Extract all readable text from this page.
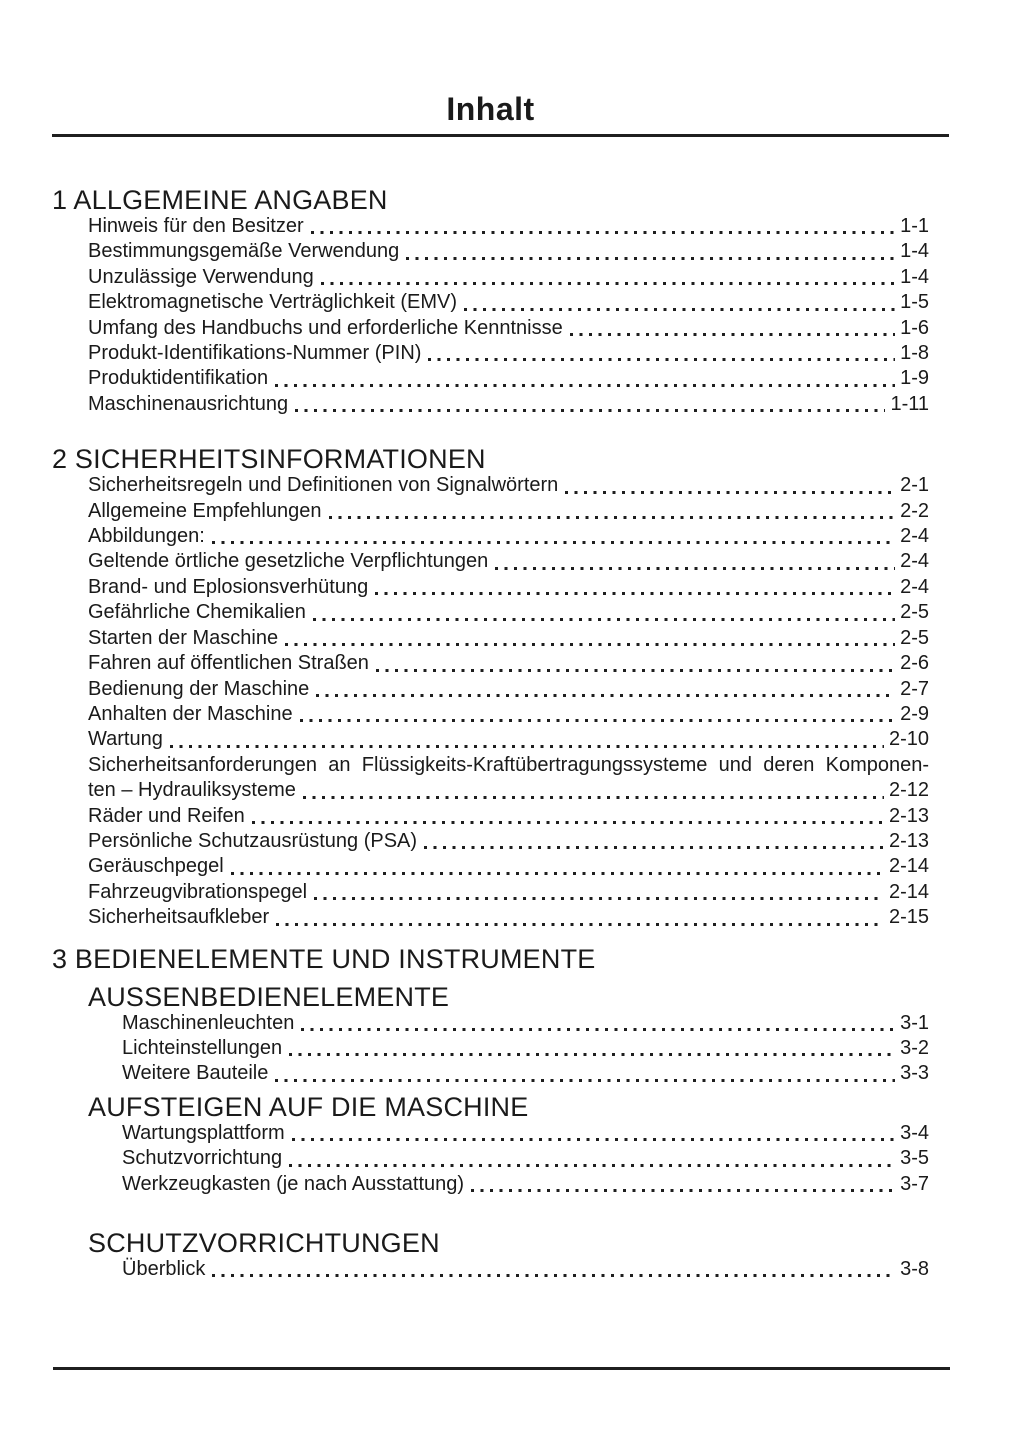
Inhalt
1 ALLGEMEINE ANGABEN
Hinweis für den Besitzer	1-1
Bestimmungsgemäße Verwendung	1-4
Unzulässige Verwendung	1-4
Elektromagnetische Verträglichkeit (EMV)	1-5
Umfang des Handbuchs und erforderliche Kenntnisse	1-6
Produkt-Identifikations-Nummer (PIN)	1-8
Produktidentifikation	1-9
Maschinenausrichtung	1-11
2 SICHERHEITSINFORMATIONEN
Sicherheitsregeln und Definitionen von Signalwörtern	2-1
Allgemeine Empfehlungen	2-2
Abbildungen:	2-4
Geltende örtliche gesetzliche Verpflichtungen	2-4
Brand- und Eplosionsverhütung	2-4
Gefährliche Chemikalien	2-5
Starten der Maschine	2-5
Fahren auf öffentlichen Straßen	2-6
Bedienung der Maschine	2-7
Anhalten der Maschine	2-9
Wartung	2-10
Sicherheitsanforderungen an Flüssigkeits-Kraftübertragungssysteme und deren Komponen-
ten – Hydrauliksysteme	2-12
Räder und Reifen	2-13
Persönliche Schutzausrüstung (PSA)	2-13
Geräuschpegel	2-14
Fahrzeugvibrationspegel	2-14
Sicherheitsaufkleber	2-15
3 BEDIENELEMENTE UND INSTRUMENTE
AUSSENBEDIENELEMENTE
Maschinenleuchten	3-1
Lichteinstellungen	3-2
Weitere Bauteile	3-3
AUFSTEIGEN AUF DIE MASCHINE
Wartungsplattform	3-4
Schutzvorrichtung	3-5
Werkzeugkasten (je nach Ausstattung)	3-7
SCHUTZVORRICHTUNGEN
Überblick	3-8
